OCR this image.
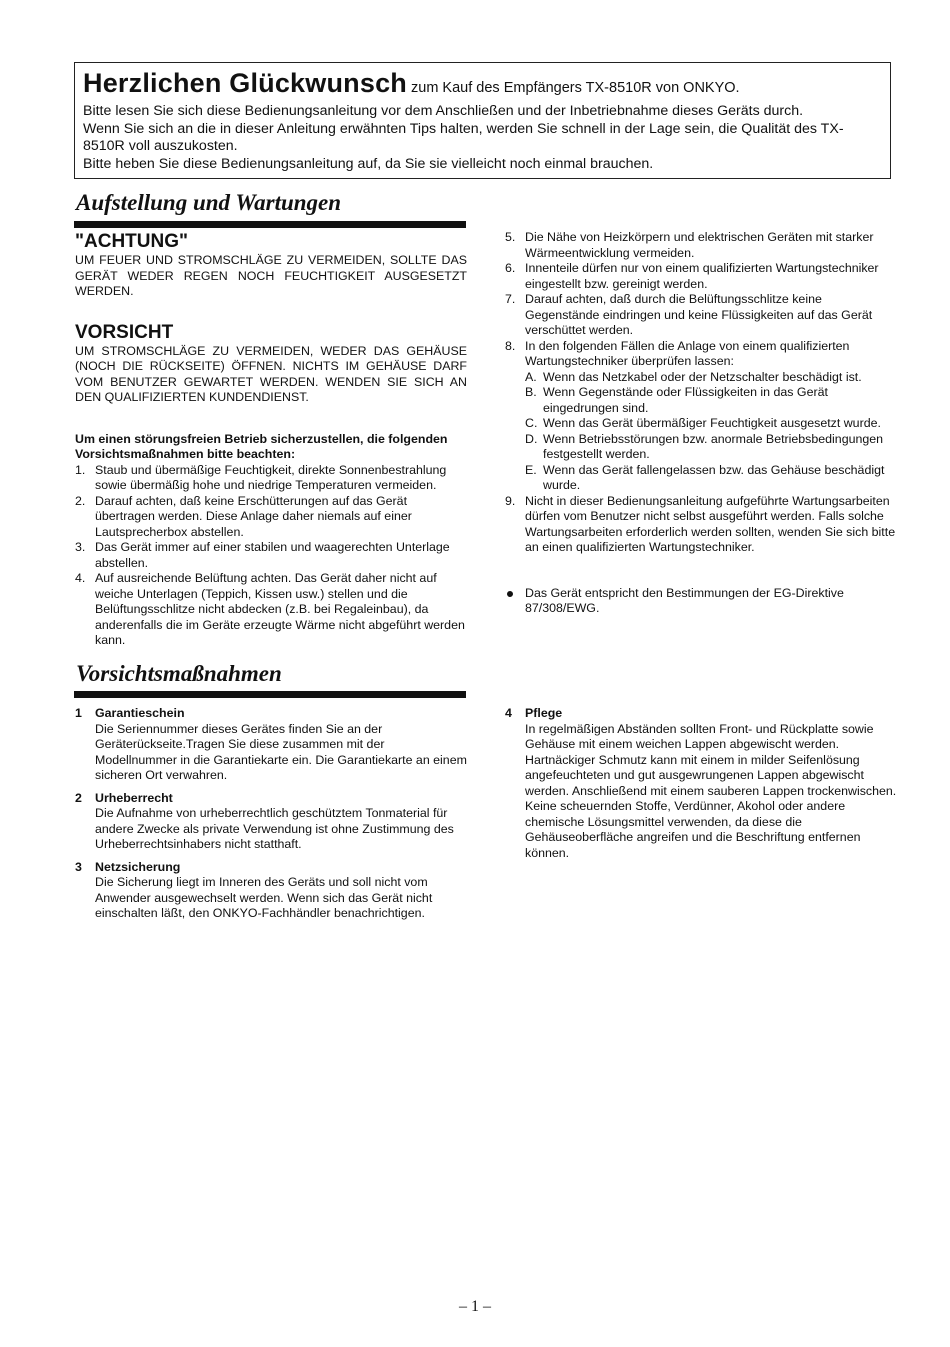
Herzlichen Glückwunsch zum Kauf des Empfängers TX-8510R von ONKYO.

Bitte lesen Sie sich diese Bedienungsanleitung vor dem Anschließen und der Inbetriebnahme dieses Geräts durch.

Wenn Sie sich an die in dieser Anleitung erwähnten Tips halten, werden Sie schnell in der Lage sein, die Qualität des TX-8510R voll auszukosten.

Bitte heben Sie diese Bedienungsanleitung auf, da Sie sie vielleicht noch einmal brauchen.

Aufstellung und Wartungen
"ACHTUNG"

UM FEUER UND STROMSCHLÄGE ZU VERMEIDEN, SOLLTE DAS GERÄT WEDER REGEN NOCH FEUCHTIGKEIT AUSGESETZT WERDEN.

VORSICHT

UM STROMSCHLÄGE ZU VERMEIDEN, WEDER DAS GEHÄUSE (NOCH DIE RÜCKSEITE) ÖFFNEN. NICHTS IM GEHÄUSE DARF VOM BENUTZER GEWARTET WERDEN. WENDEN SIE SICH AN DEN QUALIFIZIERTEN KUNDENDIENST.

Um einen störungsfreien Betrieb sicherzustellen, die folgenden Vorsichtsmaßnahmen bitte beachten:

1. Staub und übermäßige Feuchtigkeit, direkte Sonnenbestrahlung sowie übermäßig hohe und niedrige Temperaturen vermeiden.
2. Darauf achten, daß keine Erschütterungen auf das Gerät übertragen werden. Diese Anlage daher niemals auf einer Lautsprecherbox abstellen.
3. Das Gerät immer auf einer stabilen und waagerechten Unterlage abstellen.
4. Auf ausreichende Belüftung achten. Das Gerät daher nicht auf weiche Unterlagen (Teppich, Kissen usw.) stellen und die Belüftungsschlitze nicht abdecken (z.B. bei Regaleinbau), da anderenfalls die im Geräte erzeugte Wärme nicht abgeführt werden kann.
5. Die Nähe von Heizkörpern und elektrischen Geräten mit starker Wärmeentwicklung vermeiden.
6. Innenteile dürfen nur von einem qualifizierten Wartungstechniker eingestellt bzw. gereinigt werden.
7. Darauf achten, daß durch die Belüftungsschlitze keine Gegenstände eindringen und keine Flüssigkeiten auf das Gerät verschüttet werden.
8. In den folgenden Fällen die Anlage von einem qualifizierten Wartungstechniker überprüfen lassen:
A. Wenn das Netzkabel oder der Netzschalter beschädigt ist.
B. Wenn Gegenstände oder Flüssigkeiten in das Gerät eingedrungen sind.
C. Wenn das Gerät übermäßiger Feuchtigkeit ausgesetzt wurde.
D. Wenn Betriebsstörungen bzw. anormale Betriebsbedingungen festgestellt werden.
E. Wenn das Gerät fallengelassen bzw. das Gehäuse beschädigt wurde.
9. Nicht in dieser Bedienungsanleitung aufgeführte Wartungsarbeiten dürfen vom Benutzer nicht selbst ausgeführt werden. Falls solche Wartungsarbeiten erforderlich werden sollten, wenden Sie sich bitte an einen qualifizierten Wartungstechniker.
Das Gerät entspricht den Bestimmungen der EG-Direktive 87/308/EWG.
Vorsichtsmaßnahmen
1 Garantieschein

Die Seriennummer dieses Gerätes finden Sie an der Geräterückseite.Tragen Sie diese zusammen mit der Modellnummer in die Garantiekarte ein. Die Garantiekarte an einem sicheren Ort verwahren.

2 Urheberrecht

Die Aufnahme von urheberrechtlich geschütztem Tonmaterial für andere Zwecke als private Verwendung ist ohne Zustimmung des Urheberrechtsinhabers nicht statthaft.

3 Netzsicherung

Die Sicherung liegt im Inneren des Geräts und soll nicht vom Anwender ausgewechselt werden. Wenn sich das Gerät nicht einschalten läßt, den ONKYO-Fachhändler benachrichtigen.

4 Pflege

In regelmäßigen Abständen sollten Front- und Rückplatte sowie Gehäuse mit einem weichen Lappen abgewischt werden. Hartnäckiger Schmutz kann mit einem in milder Seifenlösung angefeuchteten und gut ausgewrungenen Lappen abgewischt werden. Anschließend mit einem sauberen Lappen trockenwischen. Keine scheuernden Stoffe, Verdünner, Akohol oder andere chemische Lösungsmittel verwenden, da diese die Gehäuseoberfläche angreifen und die Beschriftung entfernen können.

– 1 –
